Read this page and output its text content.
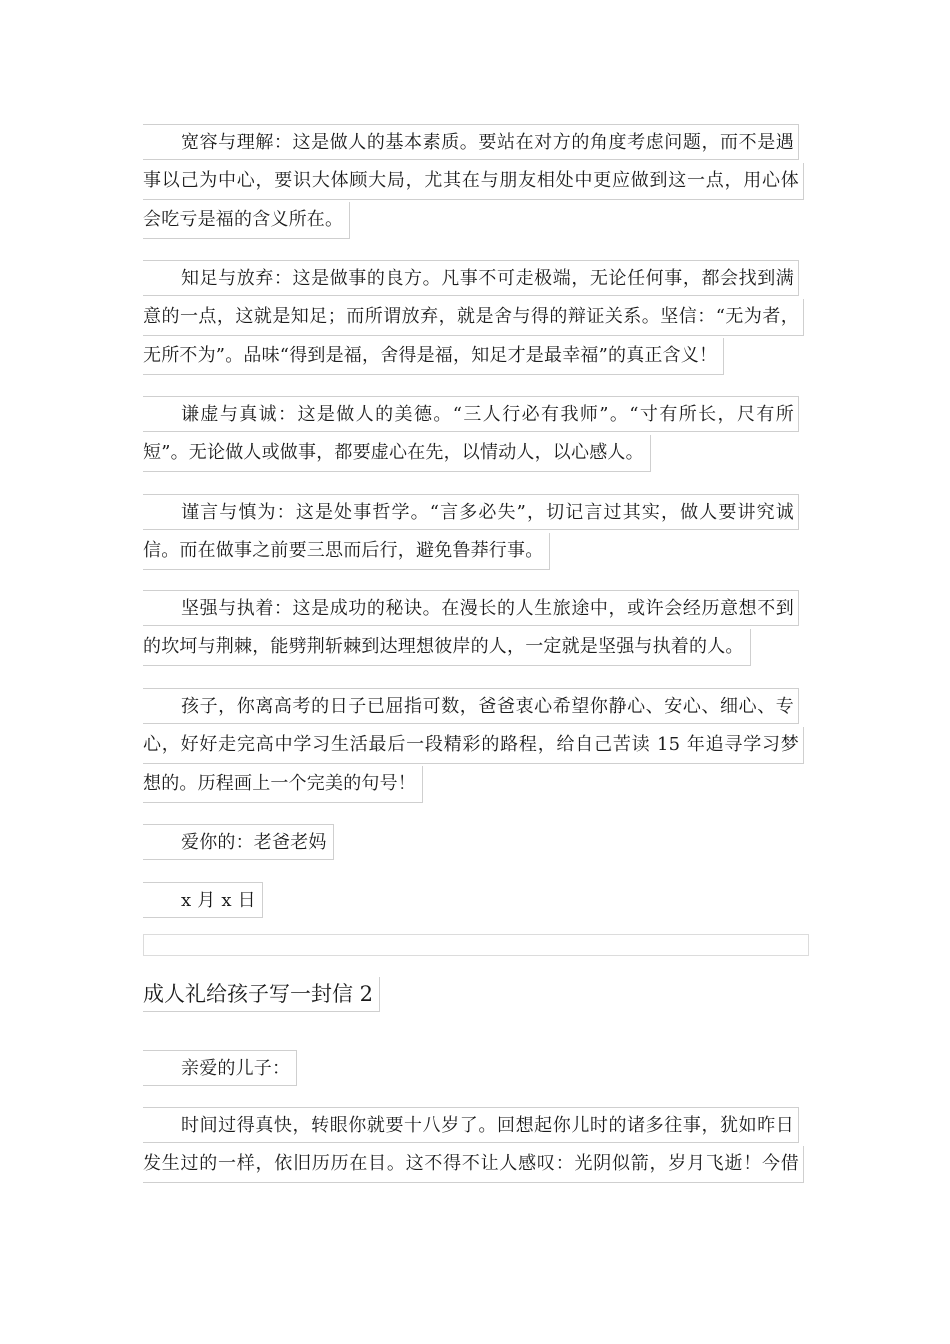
宽容与理解：这是做人的基本素质。要站在对方的角度考虑问题，而不是遇
事以己为中心，要识大体顾大局，尤其在与朋友相处中更应做到这一点，用心体
会吃亏是福的含义所在。
知足与放弃：这是做事的良方。凡事不可走极端，无论任何事，都会找到满
意的一点，这就是知足；而所谓放弃，就是舍与得的辩证关系。坚信：“无为者，
无所不为”。品味“得到是福，舍得是福，知足才是最幸福”的真正含义！
谦虚与真诚：这是做人的美德。“三人行必有我师”。“寸有所长，尺有所
短”。无论做人或做事，都要虚心在先，以情动人，以心感人。
谨言与慎为：这是处事哲学。“言多必失”，切记言过其实，做人要讲究诚
信。而在做事之前要三思而后行，避免鲁莽行事。
坚强与执着：这是成功的秘诀。在漫长的人生旅途中，或许会经历意想不到
的坎坷与荆棘，能劈荆斩棘到达理想彼岸的人，一定就是坚强与执着的人。
孩子，你离高考的日子已屈指可数，爸爸衷心希望你静心、安心、细心、专
心，好好走完高中学习生活最后一段精彩的路程，给自己苦读 15 年追寻学习梦
想的。历程画上一个完美的句号！
爱你的：老爸老妈
x 月 x 日
成人礼给孩子写一封信 2
亲爱的儿子：
时间过得真快，转眼你就要十八岁了。回想起你儿时的诸多往事，犹如昨日
发生过的一样，依旧历历在目。这不得不让人感叹：光阴似箭，岁月飞逝！今借
